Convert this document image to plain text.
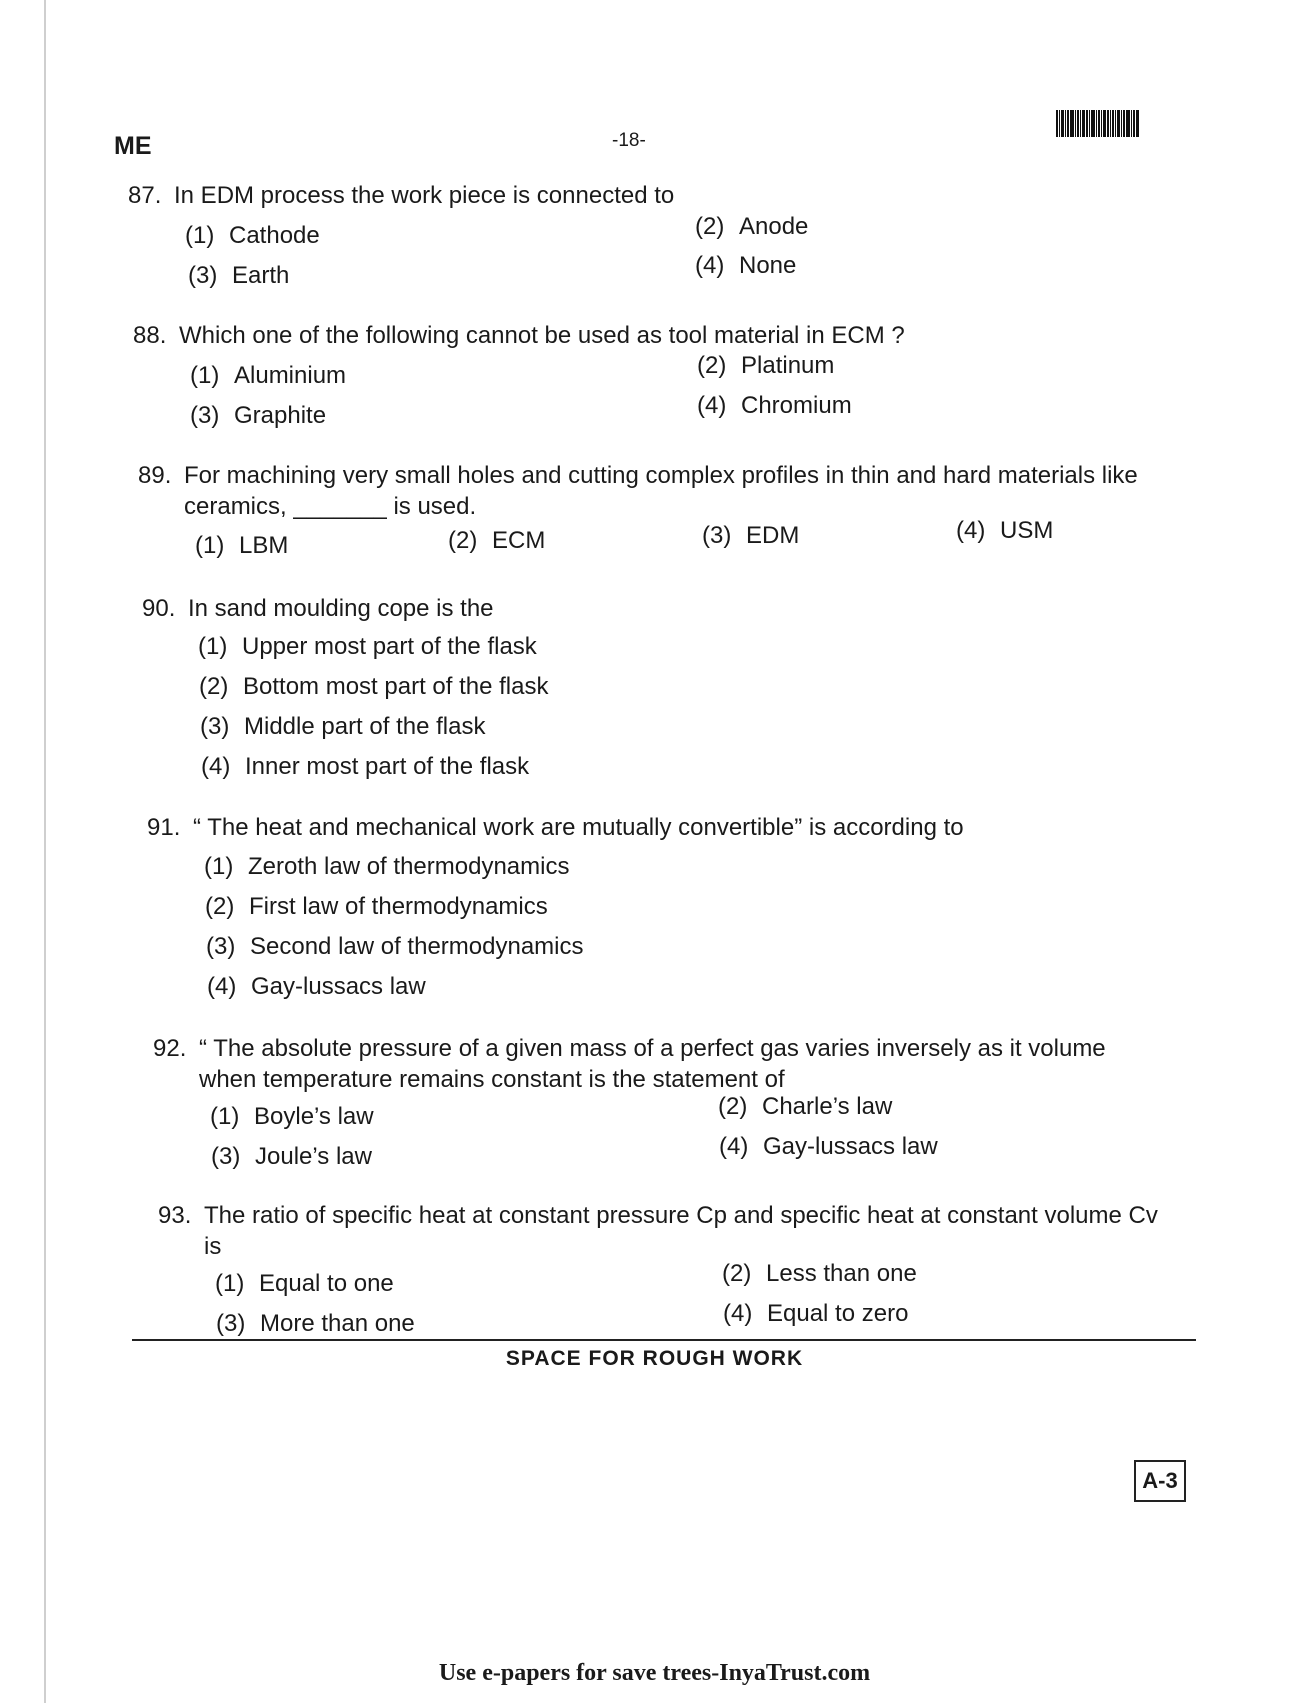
ME	-18-
87. In EDM process the work piece is connected to
(1) Cathode	(2) Anode
(3) Earth	(4) None
88. Which one of the following cannot be used as tool material in ECM ?
(1) Aluminium	(2) Platinum
(3) Graphite	(4) Chromium
89. For machining very small holes and cutting complex profiles in thin and hard materials like ceramics, _______ is used.
(1) LBM	(2) ECM	(3) EDM	(4) USM
90. In sand moulding cope is the
(1) Upper most part of the flask
(2) Bottom most part of the flask
(3) Middle part of the flask
(4) Inner most part of the flask
91. “ The heat and mechanical work are mutually convertible” is according to
(1) Zeroth law of thermodynamics
(2) First law of thermodynamics
(3) Second law of thermodynamics
(4) Gay-lussacs law
92. “ The absolute pressure of a given mass of a perfect gas varies inversely as it volume when temperature remains constant is the statement of
(1) Boyle’s law	(2) Charle’s law
(3) Joule’s law	(4) Gay-lussacs law
93. The ratio of specific heat at constant pressure Cp and specific heat at constant volume Cv is
(1) Equal to one	(2) Less than one
(3) More than one	(4) Equal to zero
SPACE FOR ROUGH WORK
A-3
Use e-papers for save trees-InyaTrust.com
